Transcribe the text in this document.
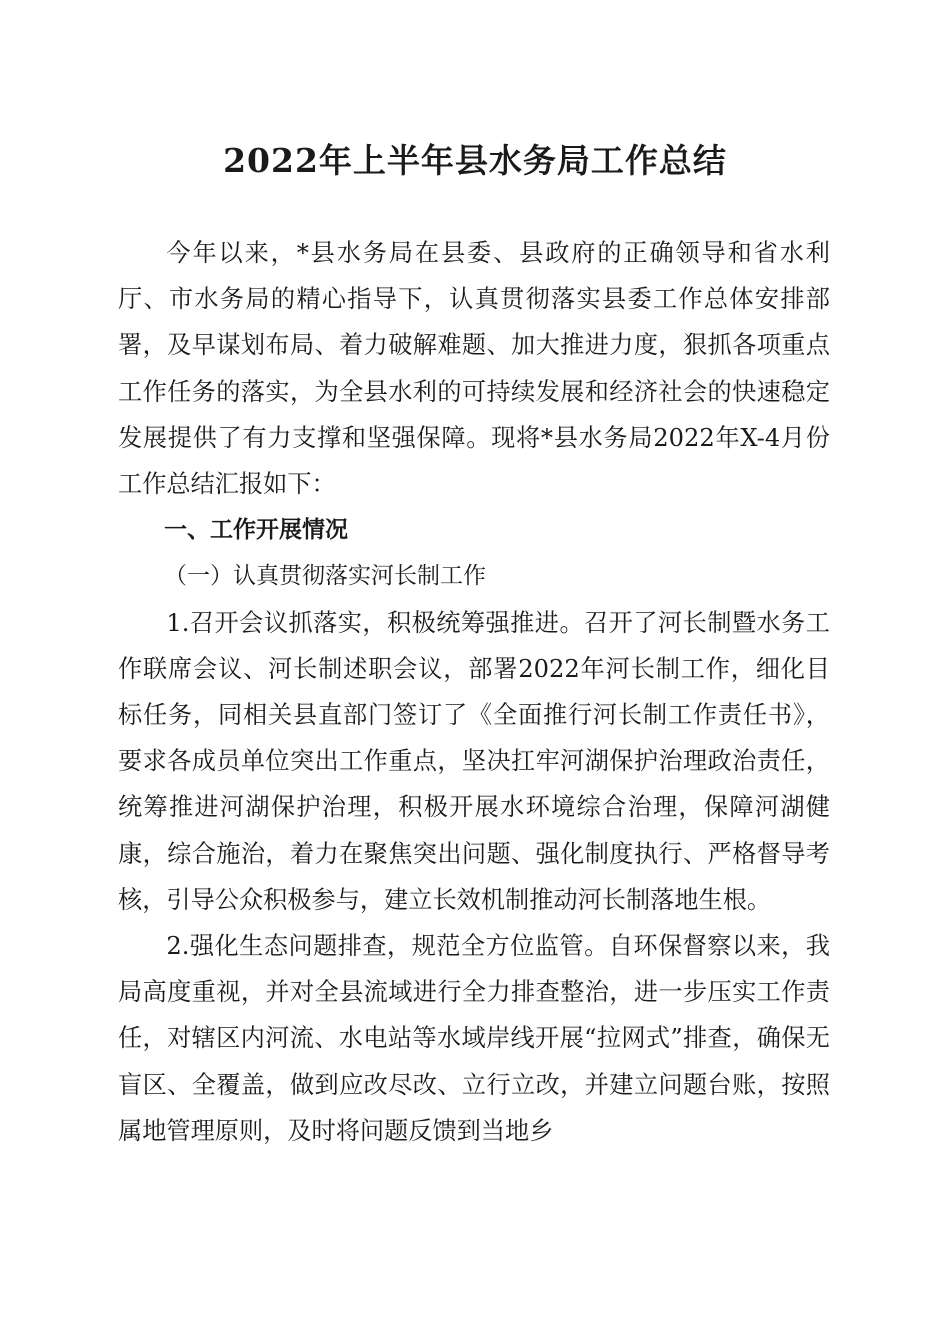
2022年上半年县水务局工作总结

今年以来，*县水务局在县委、县政府的正确领导和省水利厅、市水务局的精心指导下，认真贯彻落实县委工作总体安排部署，及早谋划布局、着力破解难题、加大推进力度，狠抓各项重点工作任务的落实，为全县水利的可持续发展和经济社会的快速稳定发展提供了有力支撑和坚强保障。现将*县水务局2022年X-4月份工作总结汇报如下：

一、工作开展情况

（一）认真贯彻落实河长制工作

1.召开会议抓落实，积极统筹强推进。召开了河长制暨水务工作联席会议、河长制述职会议，部署2022年河长制工作，细化目标任务，同相关县直部门签订了《全面推行河长制工作责任书》，要求各成员单位突出工作重点，坚决扛牢河湖保护治理政治责任，统筹推进河湖保护治理，积极开展水环境综合治理，保障河湖健康，综合施治，着力在聚焦突出问题、强化制度执行、严格督导考核，引导公众积极参与，建立长效机制推动河长制落地生根。

2.强化生态问题排查，规范全方位监管。自环保督察以来，我局高度重视，并对全县流域进行全力排查整治，进一步压实工作责任，对辖区内河流、水电站等水域岸线开展“拉网式”排查，确保无盲区、全覆盖，做到应改尽改、立行立改，并建立问题台账，按照属地管理原则，及时将问题反馈到当地乡
